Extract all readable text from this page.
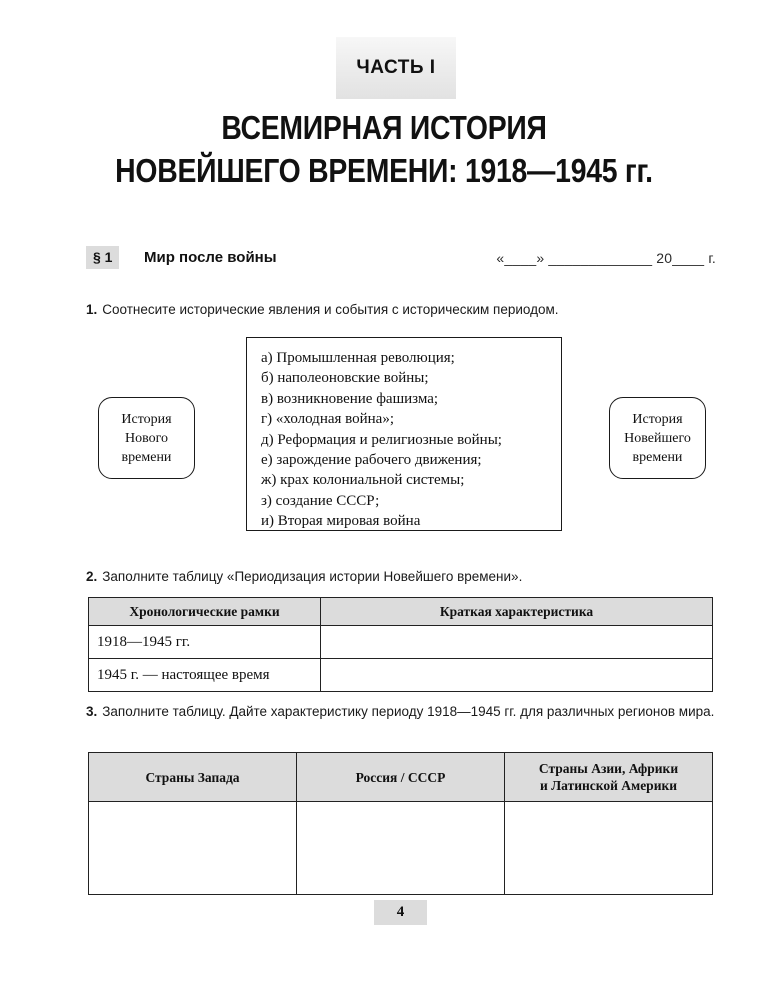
ЧАСТЬ I
ВСЕМИРНАЯ ИСТОРИЯ
НОВЕЙШЕГО ВРЕМЕНИ: 1918—1945 гг.
§ 1	Мир после войны	«____» _____________ 20____ г.
1. Соотнесите исторические явления и события с историческим периодом.
История
Нового
времени
а) Промышленная революция;
б) наполеоновские войны;
в) возникновение фашизма;
г) «холодная война»;
д) Реформация и религиозные войны;
е) зарождение рабочего движения;
ж) крах колониальной системы;
з) создание СССР;
и) Вторая мировая война
История
Новейшего
времени
2. Заполните таблицу «Периодизация истории Новейшего времени».
Хронологические рамки	Краткая характеристика
1918—1945 гг.	
1945 г. — настоящее время	
3. Заполните таблицу. Дайте характеристику периоду 1918—1945 гг. для различных регионов мира.
Страны Запада	Россия / СССР	Страны Азии, Африки
и Латинской Америки

4
